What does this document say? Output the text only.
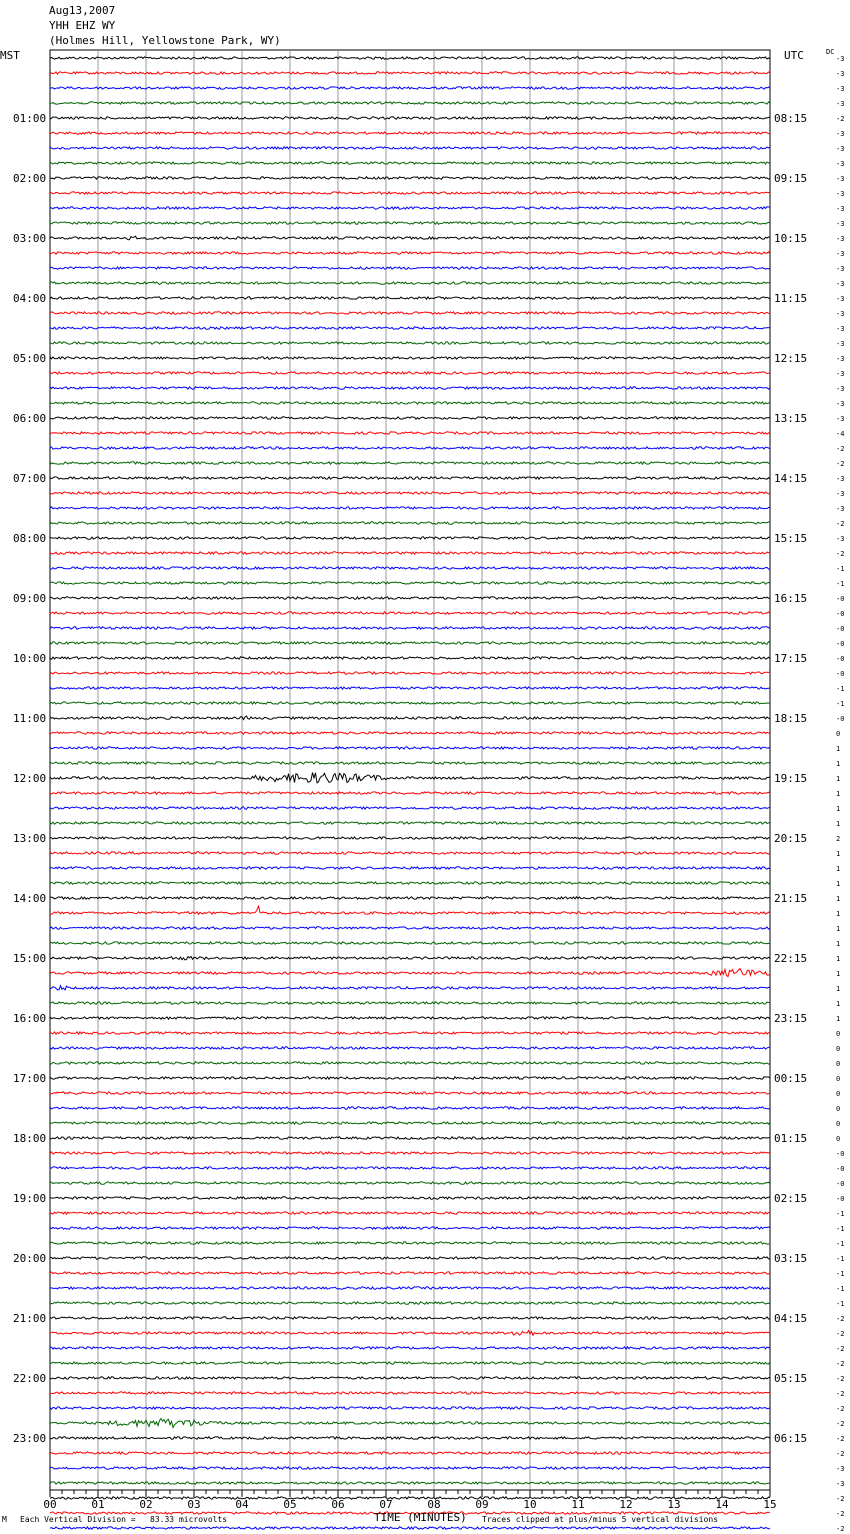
Aug13,2007
YHH EHZ WY
(Holmes Hill, Yellowstone Park, WY)
MST	UTC	DC
-3
-3
-3
-3
-2
-3
-3
-3
-3
-3
-3
-3
-3
-3
-3
-3
-3
-3
-3
-3
-3
-3
-3
-3
-3
-4
-2
-2
-3
-3
-3
-2
-3
-2
-1
-1
-0
-0
-0
-0
-0
-0
-1
-1
-0
0
1
1
1
1
1
1
2
1
1
1
1
1
1
1
1
1
1
1
1
0
0
0
0
0
0
0
0
-0
-0
-0
-0
-1
-1
-1
-1
-1
-1
-1
-2
-2
-2
-2
-2
-2
-2
-2
-2
-2
-3
-3
-2
-2
-2
01:00	08:15
02:00	09:15
03:00	10:15
04:00	11:15
05:00	12:15
06:00	13:15
07:00	14:15
08:00	15:15
09:00	16:15
10:00	17:15
11:00	18:15
12:00	19:15
13:00	20:15
14:00	21:15
15:00	22:15
16:00	23:15
17:00	00:15
18:00	01:15
19:00	02:15
20:00	03:15
21:00	04:15
22:00	05:15
23:00	06:15
00	01	02	03	04	05	06	07	08	09	10	11	12	13	14	15
M Each Vertical Division =   83.33 microvolts	TIME (MINUTES) Traces clipped at plus/minus 5 vertical divisions
